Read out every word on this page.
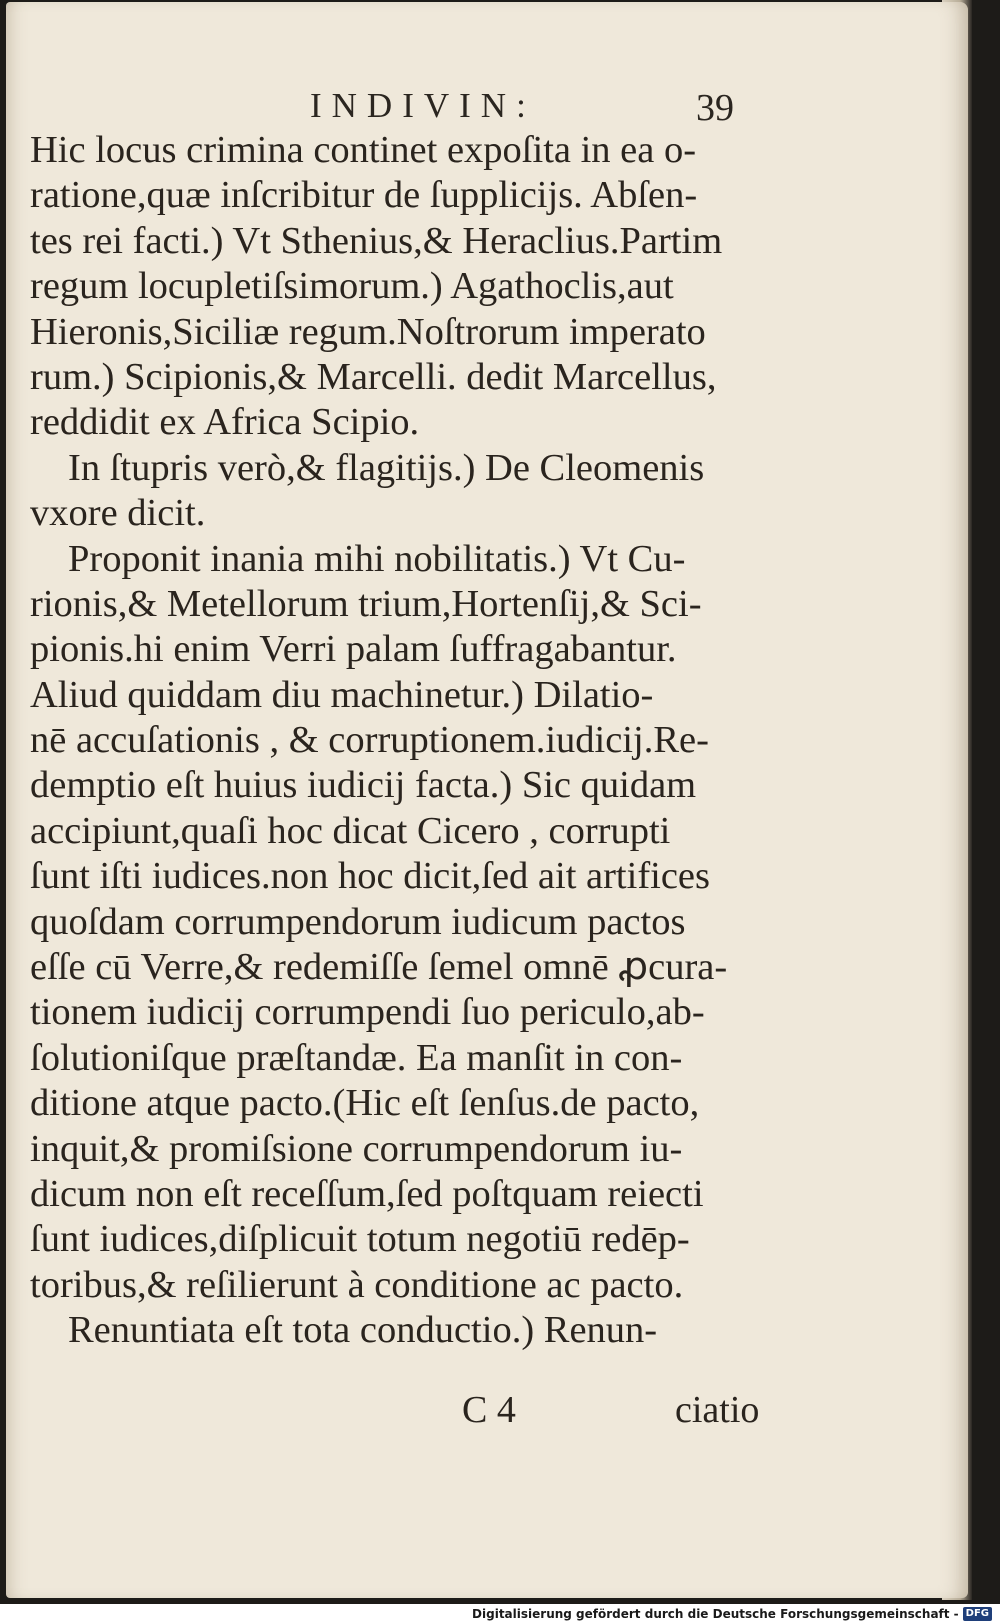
INDIVIN:	39
Hic locus crimina continet expoſita in ea o-
ratione,quæ inſcribitur de ſupplicijs. Abſen-
tes rei facti.) Vt Sthenius,& Heraclius.Partim
regum locupletiſsimorum.) Agathoclis,aut
Hieronis,Siciliæ regum.Noſtrorum imperato
rum.) Scipionis,& Marcelli. dedit Marcellus,
reddidit ex Africa Scipio.
In ſtupris verò,& flagitijs.) De Cleomenis
vxore dicit.
Proponit inania mihi nobilitatis.) Vt Cu-
rionis,& Metellorum trium,Hortenſij,& Sci-
pionis.hi enim Verri palam ſuffragabantur.
Aliud quiddam diu machinetur.) Dilatio-
nē accuſationis , & corruptionem.iudicij.Re-
demptio eſt huius iudicij facta.) Sic quidam
accipiunt,quaſi hoc dicat Cicero , corrupti
ſunt iſti iudices.non hoc dicit,ſed ait artifices
quoſdam corrumpendorum iudicum pactos
eſſe cū Verre,& redemiſſe ſemel omnē ꝓcura-
tionem iudicij corrumpendi ſuo periculo,ab-
ſolutioniſque præſtandæ. Ea manſit in con-
ditione atque pacto.(Hic eſt ſenſus.de pacto,
inquit,& promiſsione corrumpendorum iu-
dicum non eſt receſſum,ſed poſtquam reiecti
ſunt iudices,diſplicuit totum negotiū redēp-
toribus,& reſilierunt à conditione ac pacto.
Renuntiata eſt tota conductio.) Renun-
C 4	ciatio
Digitalisierung gefördert durch die Deutsche Forschungsgemeinschaft - DFG
